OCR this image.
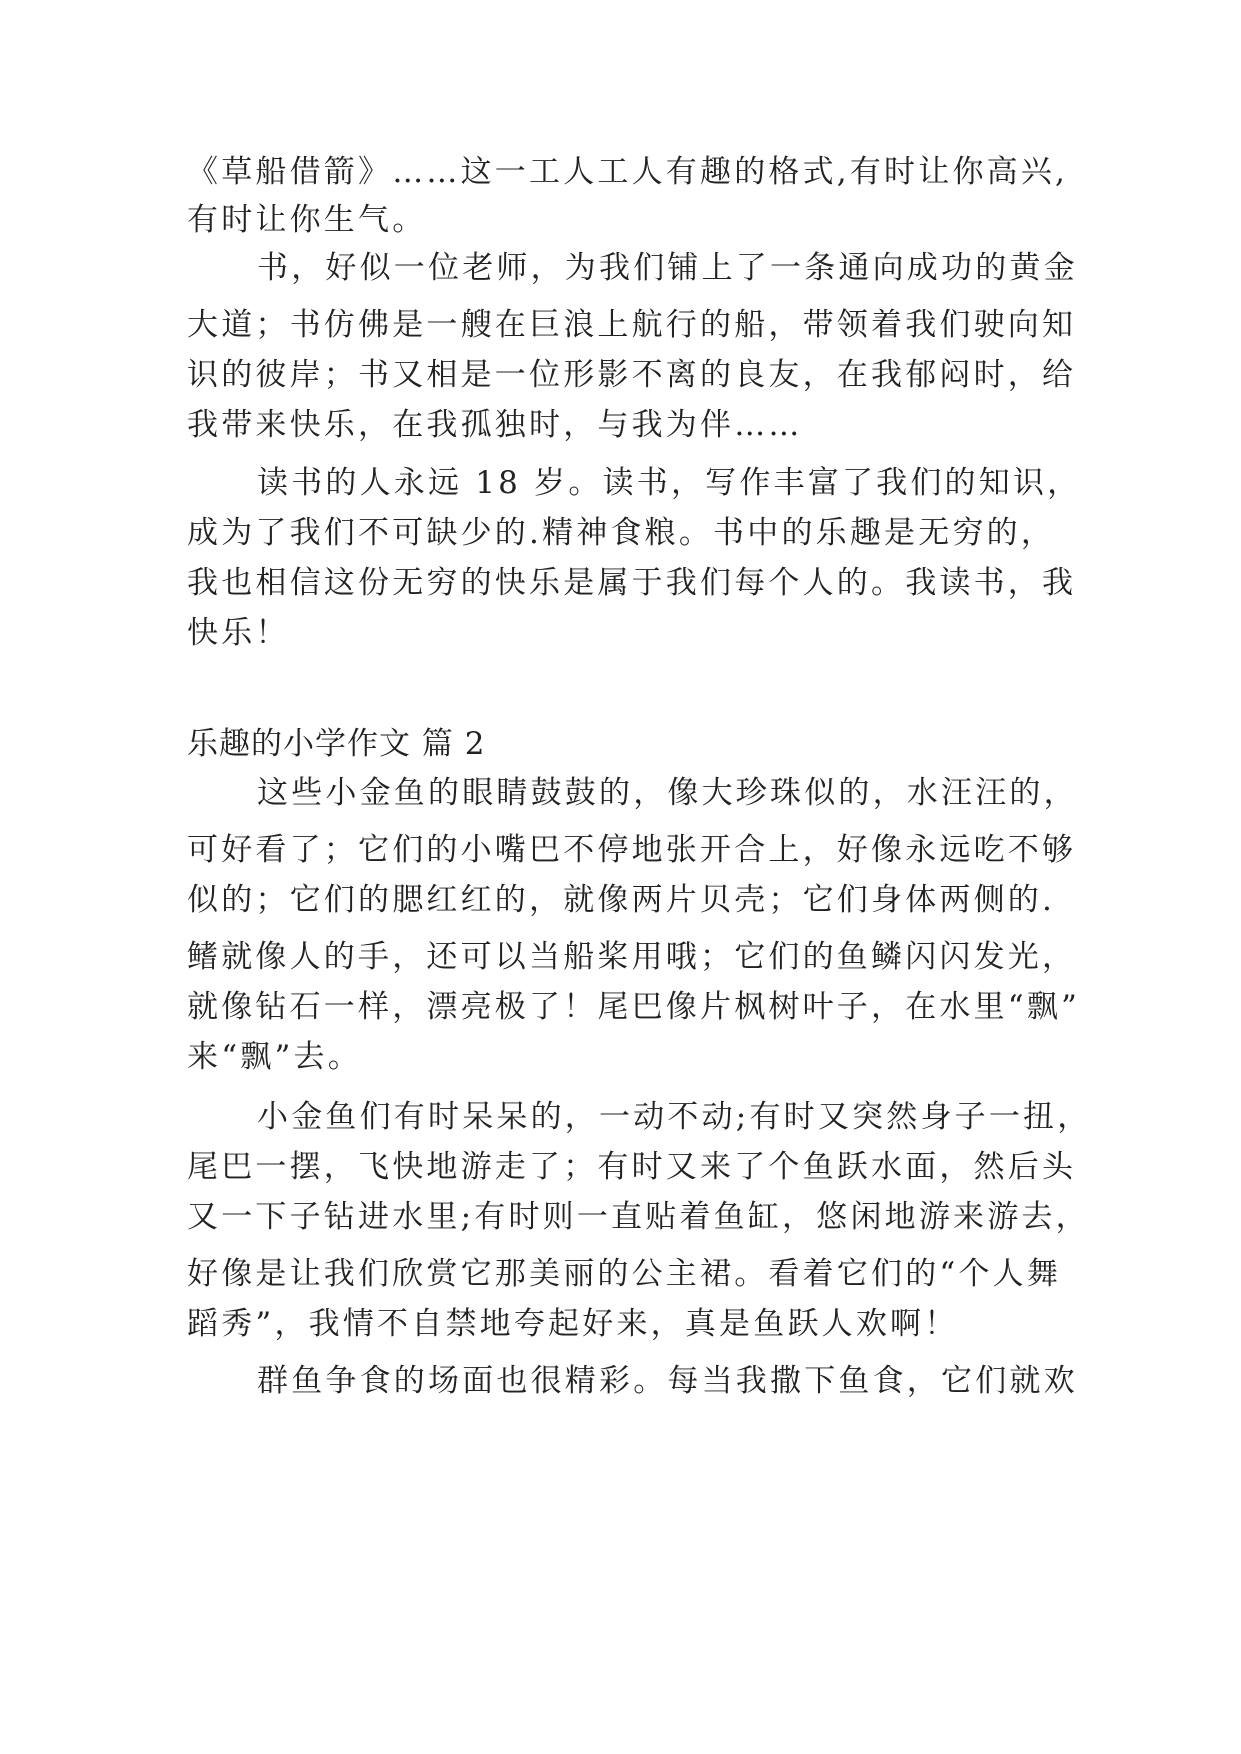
《草船借箭》……这一工人工人有趣的格式,有时让你高兴,
有时让你生气。
书，好似一位老师，为我们铺上了一条通向成功的黄金
大道；书仿佛是一艘在巨浪上航行的船，带领着我们驶向知
识的彼岸；书又相是一位形影不离的良友，在我郁闷时，给
我带来快乐，在我孤独时，与我为伴……
读书的人永远 18 岁。读书，写作丰富了我们的知识，
成为了我们不可缺少的.精神食粮。书中的乐趣是无穷的，
我也相信这份无穷的快乐是属于我们每个人的。我读书，我
快乐！
乐趣的小学作文 篇 2
这些小金鱼的眼睛鼓鼓的，像大珍珠似的，水汪汪的，
可好看了；它们的小嘴巴不停地张开合上，好像永远吃不够
似的；它们的腮红红的，就像两片贝壳；它们身体两侧的.
鳍就像人的手，还可以当船桨用哦；它们的鱼鳞闪闪发光，
就像钻石一样，漂亮极了！尾巴像片枫树叶子，在水里“飘”
来“飘”去。
小金鱼们有时呆呆的，一动不动;有时又突然身子一扭，
尾巴一摆，飞快地游走了；有时又来了个鱼跃水面，然后头
又一下子钻进水里;有时则一直贴着鱼缸，悠闲地游来游去，
好像是让我们欣赏它那美丽的公主裙。看着它们的“个人舞
蹈秀”，我情不自禁地夸起好来，真是鱼跃人欢啊！
群鱼争食的场面也很精彩。每当我撒下鱼食，它们就欢
